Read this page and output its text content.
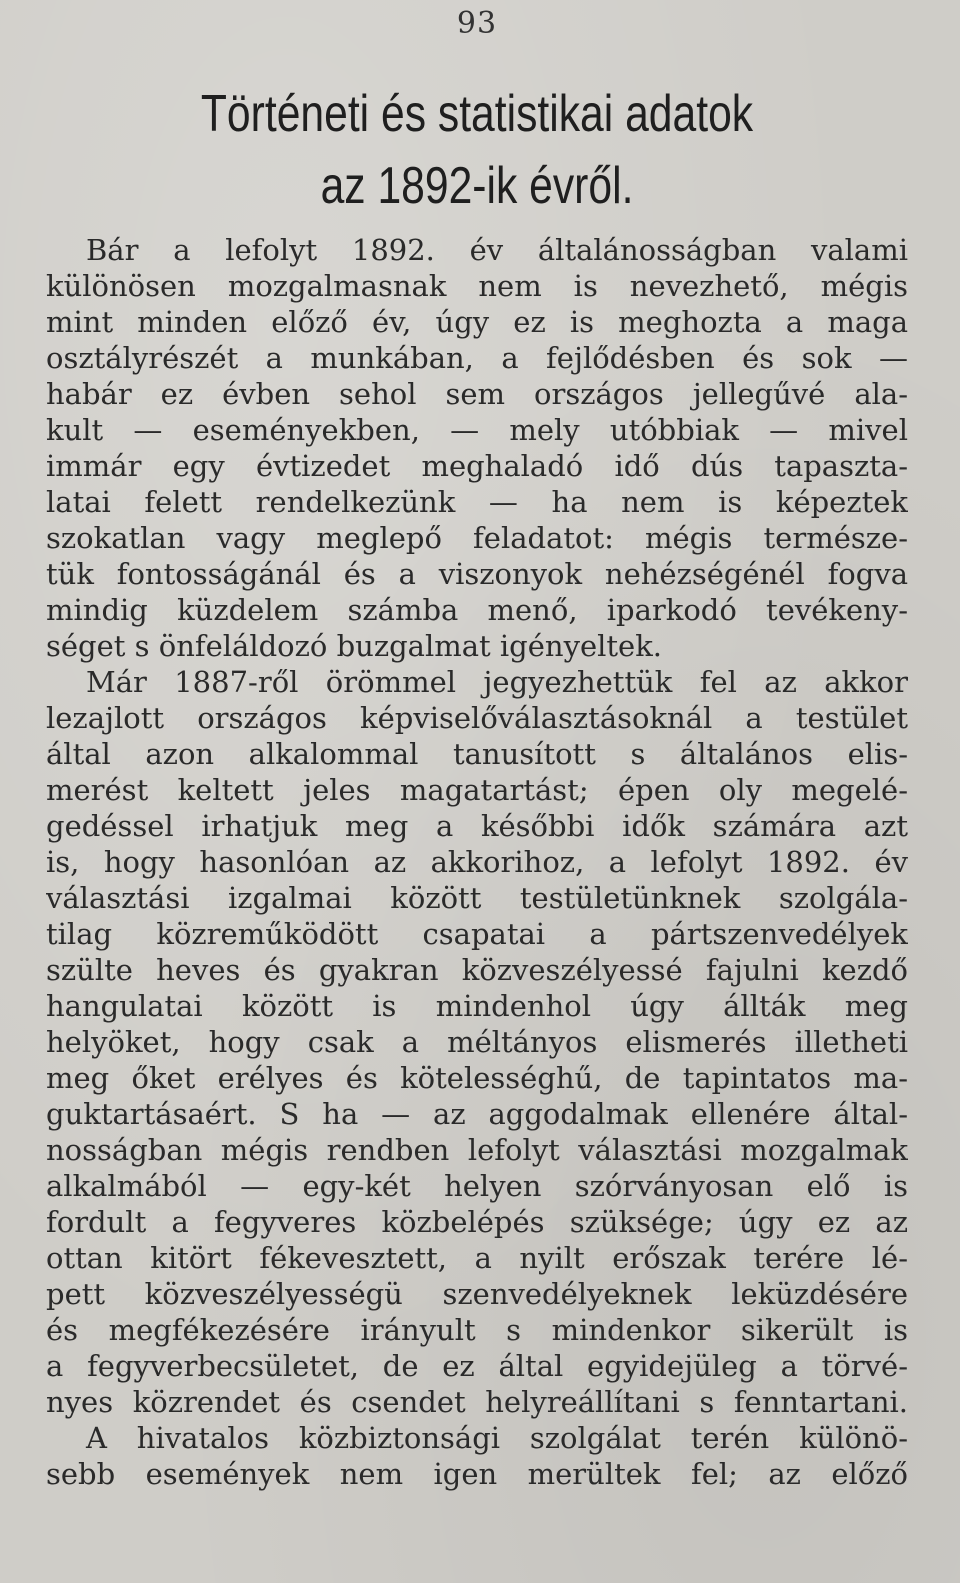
93
Történeti és statistikai adatok
az 1892-ik évről.
Bár a lefolyt 1892. év általánosságban valami
különösen mozgalmasnak nem is nevezhető, mégis
mint minden előző év, úgy ez is meghozta a maga
osztályrészét a munkában, a fejlődésben és sok —
habár ez évben sehol sem országos jellegűvé ala-
kult — eseményekben, — mely utóbbiak — mivel
immár egy évtizedet meghaladó idő dús tapaszta-
latai felett rendelkezünk — ha nem is képeztek
szokatlan vagy meglepő feladatot: mégis természe-
tük fontosságánál és a viszonyok nehézségénél fogva
mindig küzdelem számba menő, iparkodó tevékeny-
séget s önfeláldozó buzgalmat igényeltek.
Már 1887-ről örömmel jegyezhettük fel az akkor
lezajlott országos képviselőválasztásoknál a testület
által azon alkalommal tanusított s általános elis-
merést keltett jeles magatartást; épen oly megelé-
gedéssel irhatjuk meg a későbbi idők számára azt
is, hogy hasonlóan az akkorihoz, a lefolyt 1892. év
választási izgalmai között testületünknek szolgála-
tilag közreműködött csapatai a pártszenvedélyek
szülte heves és gyakran közveszélyessé fajulni kezdő
hangulatai között is mindenhol úgy állták meg
helyöket, hogy csak a méltányos elismerés illetheti
meg őket erélyes és kötelességhű, de tapintatos ma-
guktartásaért. S ha — az aggodalmak ellenére által-
nosságban mégis rendben lefolyt választási mozgalmak
alkalmából — egy-két helyen szórványosan elő is
fordult a fegyveres közbelépés szüksége; úgy ez az
ottan kitört fékevesztett, a nyilt erőszak terére lé-
pett közveszélyességü szenvedélyeknek leküzdésére
és megfékezésére irányult s mindenkor sikerült is
a fegyverbecsületet, de ez által egyidejüleg a törvé-
nyes közrendet és csendet helyreállítani s fenntartani.
A hivatalos közbiztonsági szolgálat terén különö-
sebb események nem igen merültek fel; az előző
